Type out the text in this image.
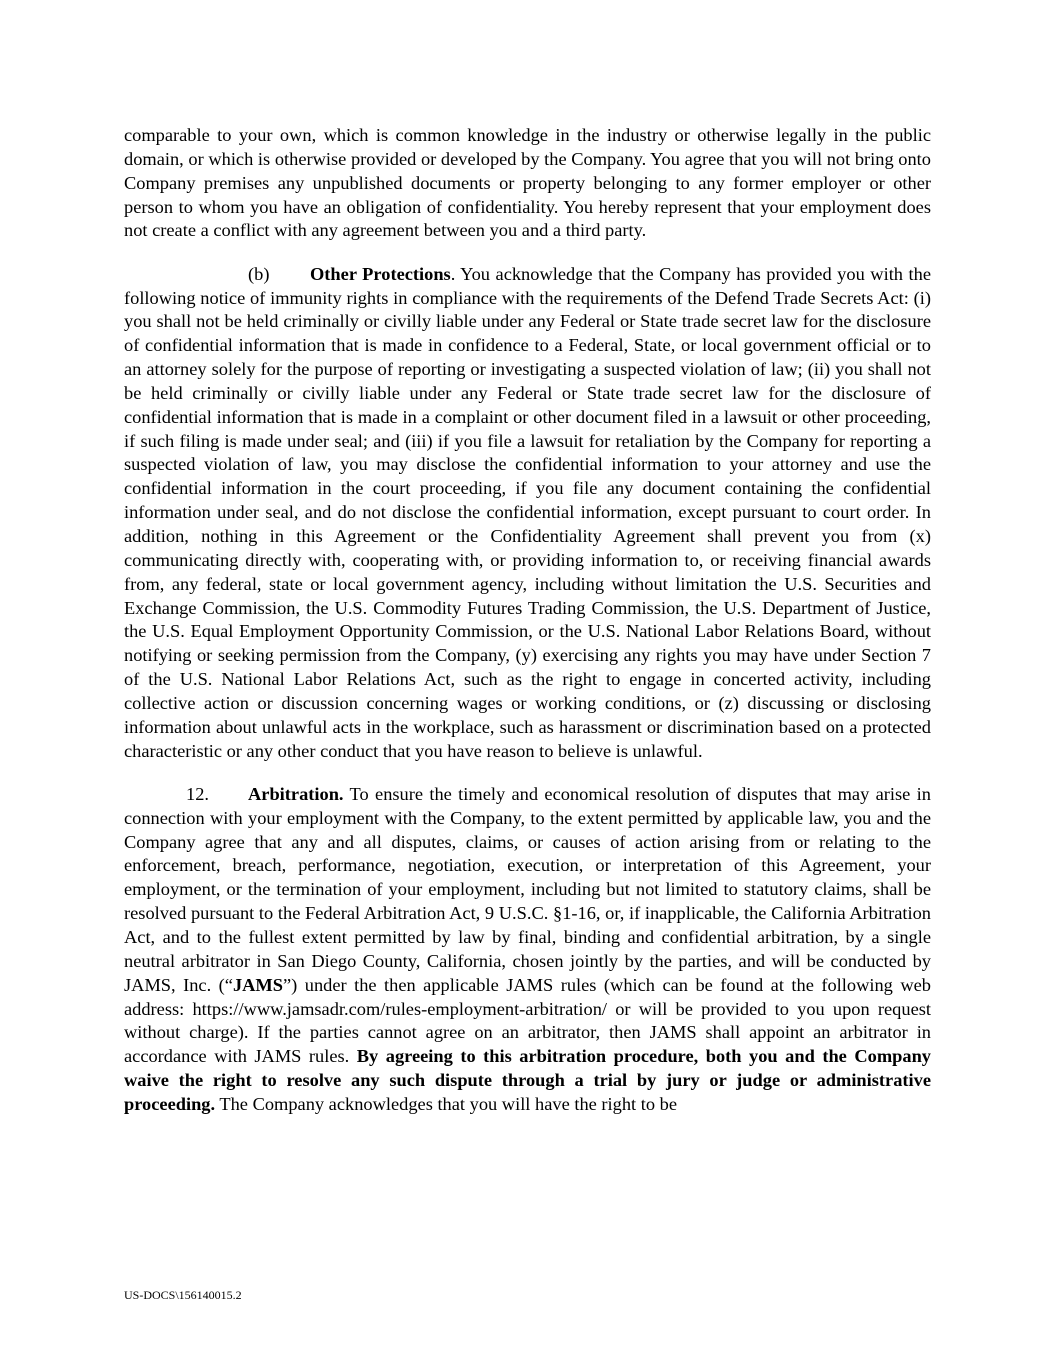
comparable to your own, which is common knowledge in the industry or otherwise legally in the public domain, or which is otherwise provided or developed by the Company. You agree that you will not bring onto Company premises any unpublished documents or property belonging to any former employer or other person to whom you have an obligation of confidentiality. You hereby represent that your employment does not create a conflict with any agreement between you and a third party.

(b) Other Protections. You acknowledge that the Company has provided you with the following notice of immunity rights in compliance with the requirements of the Defend Trade Secrets Act: (i) you shall not be held criminally or civilly liable under any Federal or State trade secret law for the disclosure of confidential information that is made in confidence to a Federal, State, or local government official or to an attorney solely for the purpose of reporting or investigating a suspected violation of law; (ii) you shall not be held criminally or civilly liable under any Federal or State trade secret law for the disclosure of confidential information that is made in a complaint or other document filed in a lawsuit or other proceeding, if such filing is made under seal; and (iii) if you file a lawsuit for retaliation by the Company for reporting a suspected violation of law, you may disclose the confidential information to your attorney and use the confidential information in the court proceeding, if you file any document containing the confidential information under seal, and do not disclose the confidential information, except pursuant to court order. In addition, nothing in this Agreement or the Confidentiality Agreement shall prevent you from (x) communicating directly with, cooperating with, or providing information to, or receiving financial awards from, any federal, state or local government agency, including without limitation the U.S. Securities and Exchange Commission, the U.S. Commodity Futures Trading Commission, the U.S. Department of Justice, the U.S. Equal Employment Opportunity Commission, or the U.S. National Labor Relations Board, without notifying or seeking permission from the Company, (y) exercising any rights you may have under Section 7 of the U.S. National Labor Relations Act, such as the right to engage in concerted activity, including collective action or discussion concerning wages or working conditions, or (z) discussing or disclosing information about unlawful acts in the workplace, such as harassment or discrimination based on a protected characteristic or any other conduct that you have reason to believe is unlawful.

12. Arbitration. To ensure the timely and economical resolution of disputes that may arise in connection with your employment with the Company, to the extent permitted by applicable law, you and the Company agree that any and all disputes, claims, or causes of action arising from or relating to the enforcement, breach, performance, negotiation, execution, or interpretation of this Agreement, your employment, or the termination of your employment, including but not limited to statutory claims, shall be resolved pursuant to the Federal Arbitration Act, 9 U.S.C. §1-16, or, if inapplicable, the California Arbitration Act, and to the fullest extent permitted by law by final, binding and confidential arbitration, by a single neutral arbitrator in San Diego County, California, chosen jointly by the parties, and will be conducted by JAMS, Inc. (“JAMS”) under the then applicable JAMS rules (which can be found at the following web address: https://www.jamsadr.com/rules-employment-arbitration/ or will be provided to you upon request without charge). If the parties cannot agree on an arbitrator, then JAMS shall appoint an arbitrator in accordance with JAMS rules. By agreeing to this arbitration procedure, both you and the Company waive the right to resolve any such dispute through a trial by jury or judge or administrative proceeding. The Company acknowledges that you will have the right to be

US-DOCS\156140015.2
